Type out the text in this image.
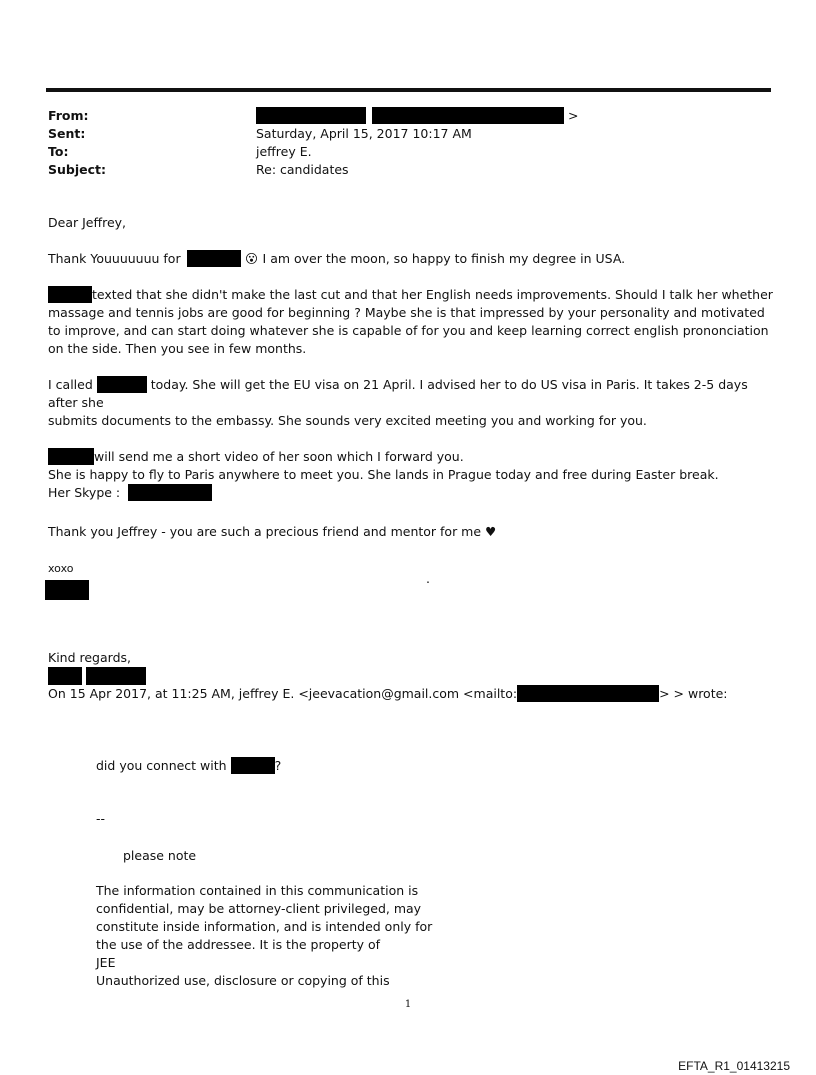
From:	>
Sent:	Saturday, April 15, 2017 10:17 AM
To:	jeffrey E.
Subject:	Re: candidates

Dear Jeffrey,

Thank Youuuuuuu for	😮 I am over the moon, so happy to finish my degree in USA.

texted that she didn't make the last cut and that her English needs improvements. Should I talk her whether

massage and tennis jobs are good for beginning ? Maybe she is that impressed by your personality and motivated to improve, and can start doing whatever she is capable of for you and keep learning correct english prononciation on the side. Then you see in few months.

I called	today. She will get the EU visa on 21 April. I advised her to do US visa in Paris. It takes 2-5 days after she

submits documents to the embassy. She sounds very excited meeting you and working for you.

will send me a short video of her soon which I forward you.

She is happy to fly to Paris anywhere to meet you. She lands in Prague today and free during Easter break.

Her Skype :

Thank you Jeffrey - you are such a precious friend and mentor for me ♥

xoxo

.

Kind regards,

On 15 Apr 2017, at 11:25 AM, jeffrey E. <jeevacation@gmail.com <mailto:	> > wrote:

did you connect with	?

--

please note

The information contained in this communication is

confidential, may be attorney-client privileged, may

constitute inside information, and is intended only for

the use of the addressee. It is the property of

JEE

Unauthorized use, disclosure or copying of this

1
EFTA_R1_01413215
